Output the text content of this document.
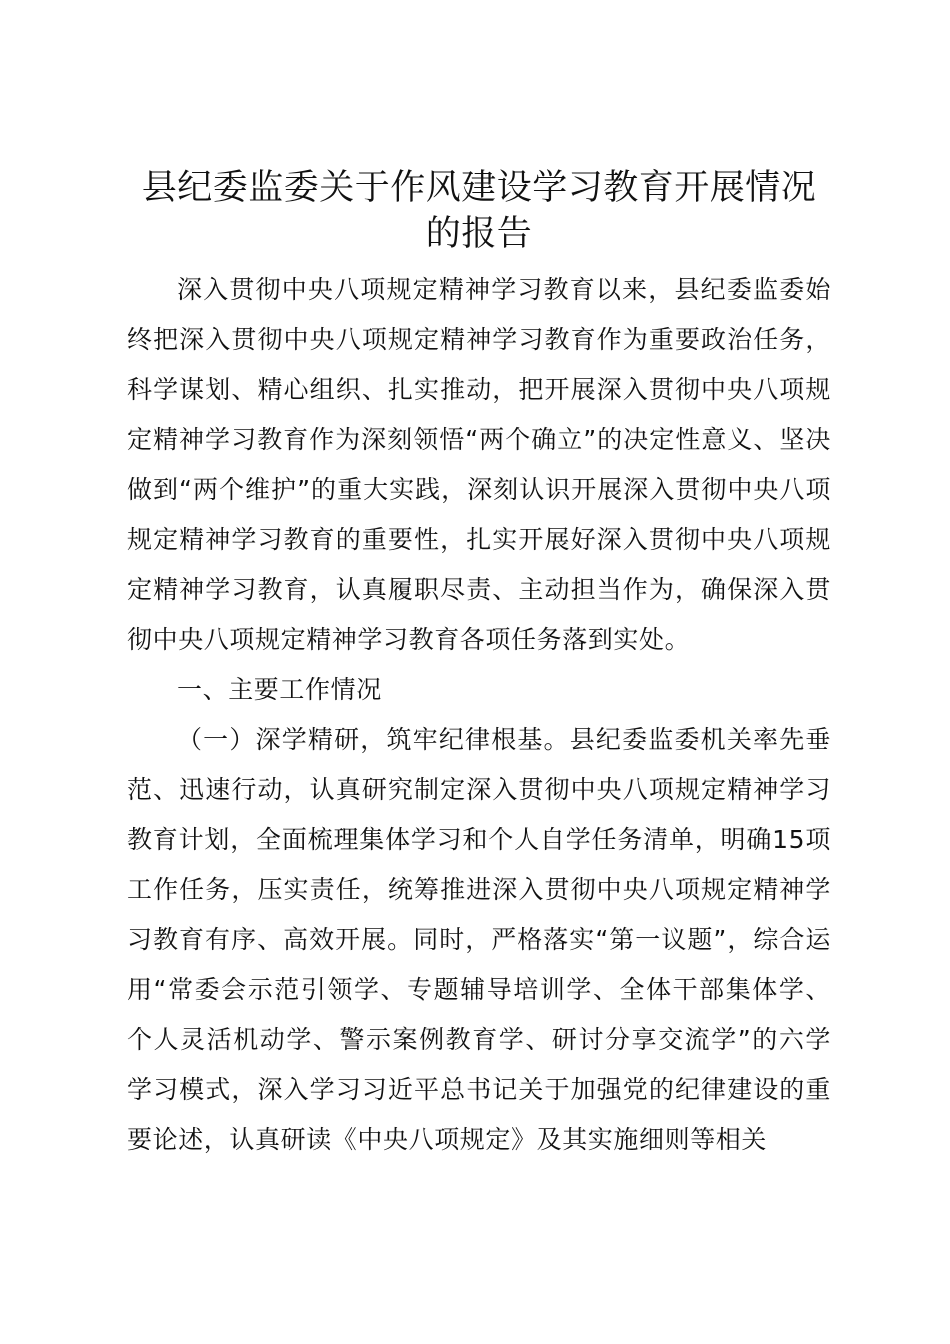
县纪委监委关于作风建设学习教育开展情况的报告

深入贯彻中央八项规定精神学习教育以来，县纪委监委始终把深入贯彻中央八项规定精神学习教育作为重要政治任务，科学谋划、精心组织、扎实推动，把开展深入贯彻中央八项规定精神学习教育作为深刻领悟“两个确立”的决定性意义、坚决做到“两个维护”的重大实践，深刻认识开展深入贯彻中央八项规定精神学习教育的重要性，扎实开展好深入贯彻中央八项规定精神学习教育，认真履职尽责、主动担当作为，确保深入贯彻中央八项规定精神学习教育各项任务落到实处。

一、主要工作情况

（一）深学精研，筑牢纪律根基。县纪委监委机关率先垂范、迅速行动，认真研究制定深入贯彻中央八项规定精神学习教育计划，全面梳理集体学习和个人自学任务清单，明确15项工作任务，压实责任，统筹推进深入贯彻中央八项规定精神学习教育有序、高效开展。同时，严格落实“第一议题”，综合运用“常委会示范引领学、专题辅导培训学、全体干部集体学、个人灵活机动学、警示案例教育学、研讨分享交流学”的六学学习模式，深入学习习近平总书记关于加强党的纪律建设的重要论述，认真研读《中央八项规定》及其实施细则等相关
